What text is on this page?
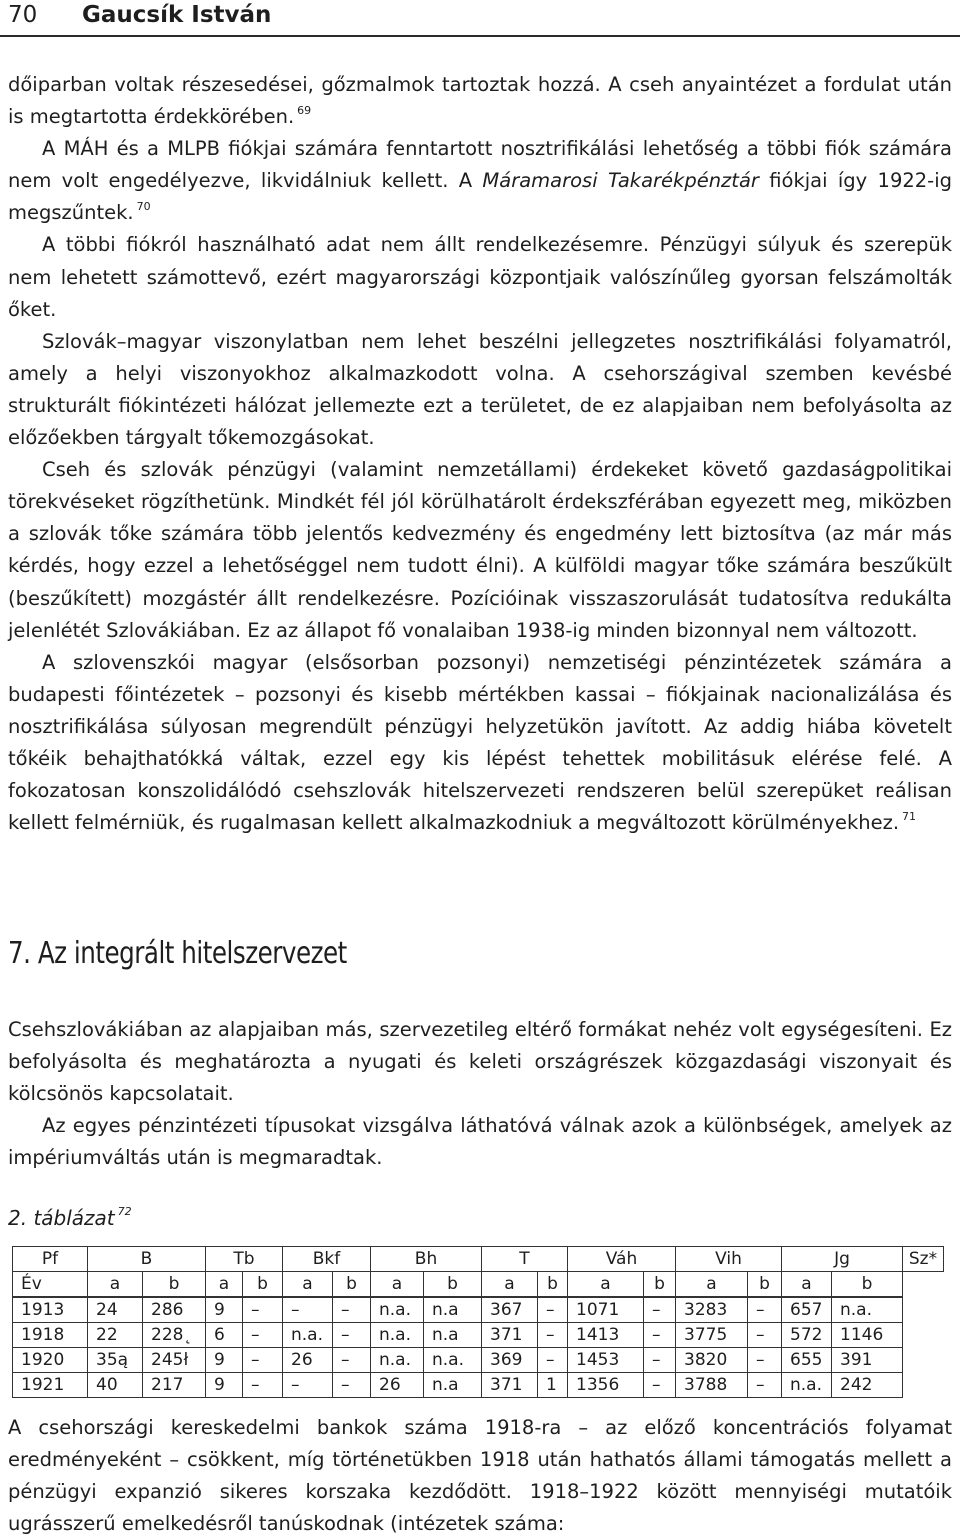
70 Gaucsík István

dőiparban voltak részesedései, gőzmalmok tartoztak hozzá. A cseh anyaintézet a fordulat után is megtartotta érdekkörében. $^{69}$

A MÁH és a MLPB fiókjai számára fenntartott nosztrifikálási lehetőség a többi fiók számára nem volt engedélyezve, likvidálniuk kellett. A Máramarosi Takarékpénztár fiókjai így 1922-ig megszűntek. $^{70}$

A többi fiókról használható adat nem állt rendelkezésemre. Pénzügyi súlyuk és szerepük nem lehetett számottevő, ezért magyarországi központjaik valószínűleg gyorsan felszámolták őket.

Szlovák–magyar viszonylatban nem lehet beszélni jellegzetes nosztrifikálási folyamatról, amely a helyi viszonyokhoz alkalmazkodott volna. A csehországival szemben kevésbé strukturált fiókintézeti hálózat jellemezte ezt a területet, de ez alapjaiban nem befolyásolta az előzőekben tárgyalt tőkemozgásokat.

Cseh és szlovák pénzügyi (valamint nemzetállami) érdekeket követő gazdaságpolitikai törekvéseket rögzíthetünk. Mindkét fél jól körülhatárolt érdekszférában egyezett meg, miközben a szlovák tőke számára több jelentős kedvezmény és engedmény lett biztosítva (az már más kérdés, hogy ezzel a lehetőséggel nem tudott élni). A külföldi magyar tőke számára beszűkült (beszűkített) mozgástér állt rendelkezésre. Pozícióinak visszaszorulását tudatosítva redukálta jelenlétét Szlovákiában. Ez az állapot fő vonalaiban 1938-ig minden bizonnyal nem változott.

A szlovenszkói magyar (elsősorban pozsonyi) nemzetiségi pénzintézetek számára a budapesti főintézetek – pozsonyi és kisebb mértékben kassai – fiókjainak nacionalizálása és nosztrifikálása súlyosan megrendült pénzügyi helyzetükön javított. Az addig hiába követelt tőkéik behajthatókká váltak, ezzel egy kis lépést tehettek mobilitásuk elérése felé. A fokozatosan konszolidálódó csehszlovák hitelszervezeti rendszeren belül szerepüket reálisan kellett felmérniük, és rugalmasan kellett alkalmazkodniuk a megváltozott körülményekhez. $^{71}$

7. Az integrált hitelszervezet

Csehszlovákiában az alapjaiban más, szervezetileg eltérő formákat nehéz volt egységesíteni. Ez befolyásolta és meghatározta a nyugati és keleti országrészek közgazdasági viszonyait és kölcsönös kapcsolatait.

Az egyes pénzintézeti típusokat vizsgálva láthatóvá válnak azok a különbségek, amelyek az impériumváltás után is megmaradtak.

2. táblázat $^{72}$
Pf	B		Tb		Bkf		Bh		T		Váh		Vih		Jg		Sz*
Év	a	b	a	b	a	b	a	b	a	b	a	b	a	b	a	b	
1913	24	286	9	–	–	–	n.a.	n.a	367	–	1071	–	3283	–	657	n.a.	
1918	22	228˛	6	–	n.a.	–	n.a.	n.a	371	–	1413	–	3775	–	572	1146	
1920	35ą	245ł	9	–	26	–	n.a.	n.a.	369	–	1453	–	3820	–	655	391	
1921	40	217	9	–	–	–	26	n.a	371	1	1356	–	3788	–	n.a.	242	

A csehországi kereskedelmi bankok száma 1918-ra – az előző koncentrációs folyamat eredményeként – csökkent, míg történetükben 1918 után hathatós állami támogatás mellett a pénzügyi expanzió sikeres korszaka kezdődött. 1918–1922 között mennyiségi mutatóik ugrásszerű emelkedésről tanúskodnak (intézetek száma:
